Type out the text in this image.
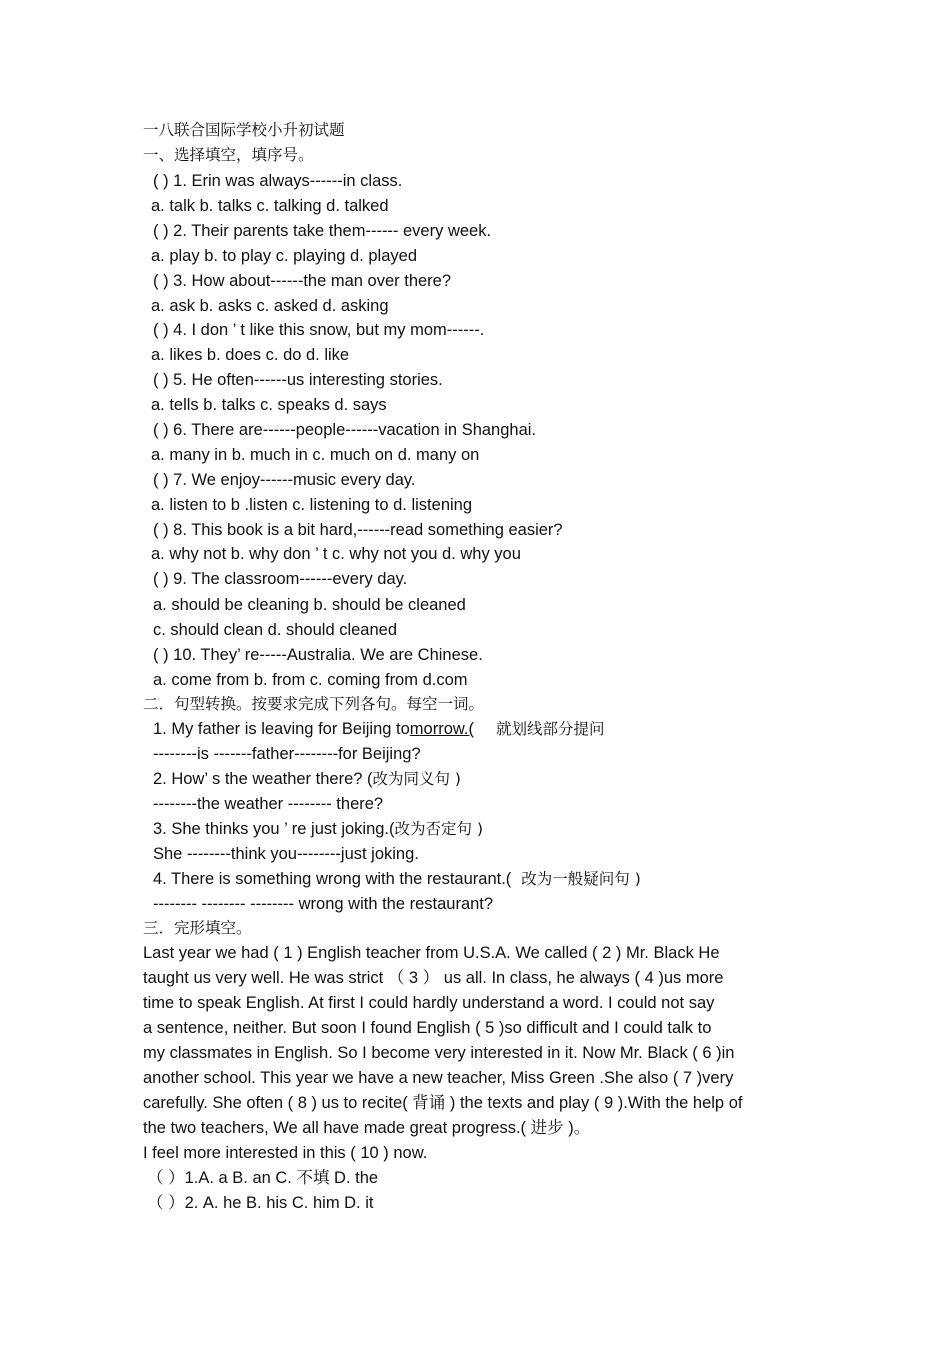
一八联合国际学校小升初试题
一、选择填空，填序号。
( ) 1. Erin was always------in class.
a. talk b. talks c. talking d. talked
( ) 2. Their parents take them------ every week.
a. play b. to play c. playing d. played
( ) 3. How about------the man over there?
a. ask b. asks c. asked d. asking
( ) 4. I don ’ t like this snow, but my mom------.
a. likes b. does c. do d. like
( ) 5. He often------us interesting stories.
a. tells b. talks c. speaks d. says
( ) 6. There are------people------vacation in Shanghai.
a. many in b. much in c. much on d. many on
( ) 7. We enjoy------music every day.
a. listen to b .listen c. listening to d. listening
( ) 8. This book is a bit hard,------read something easier?
a. why not b. why don ’ t c. why not you d. why you
( ) 9. The classroom------every day.
a. should be cleaning b. should be cleaned
c. should clean d. should cleaned
( ) 10. They’ re-----Australia. We are Chinese.
a. come from b. from c. coming from d.com
二．句型转换。按要求完成下列各句。每空一词。
1. My father is leaving for Beijing tomorrow.( 就划线部分提问
--------is -------father--------for Beijing?
2. How’ s the weather there? (改为同义句 )
--------the weather -------- there?
3. She thinks you ’ re just joking.(改为否定句 )
She --------think you--------just joking.
4. There is something wrong with the restaurant.( 改为一般疑问句 )
-------- -------- -------- wrong with the restaurant?
三．完形填空。
Last year we had ( 1 ) English teacher from U.S.A. We called ( 2 ) Mr. Black He
taught us very well. He was strict （ 3 ） us all. In class, he always ( 4 )us more
time to speak English. At first I could hardly understand a word. I could not say
a sentence, neither. But soon I found English ( 5 )so difficult and I could talk to
my classmates in English. So I become very interested in it. Now Mr. Black ( 6 )in
another school. This year we have a new teacher, Miss Green .She also ( 7 )very
carefully. She often ( 8 ) us to recite( 背诵 ) the texts and play ( 9 ).With the help of
the two teachers, We all have made great progress.( 进步 )。
I feel more interested in this ( 10 ) now.
（ ）1.A. a B. an C. 不填 D. the
（ ）2. A. he B. his C. him D. it
